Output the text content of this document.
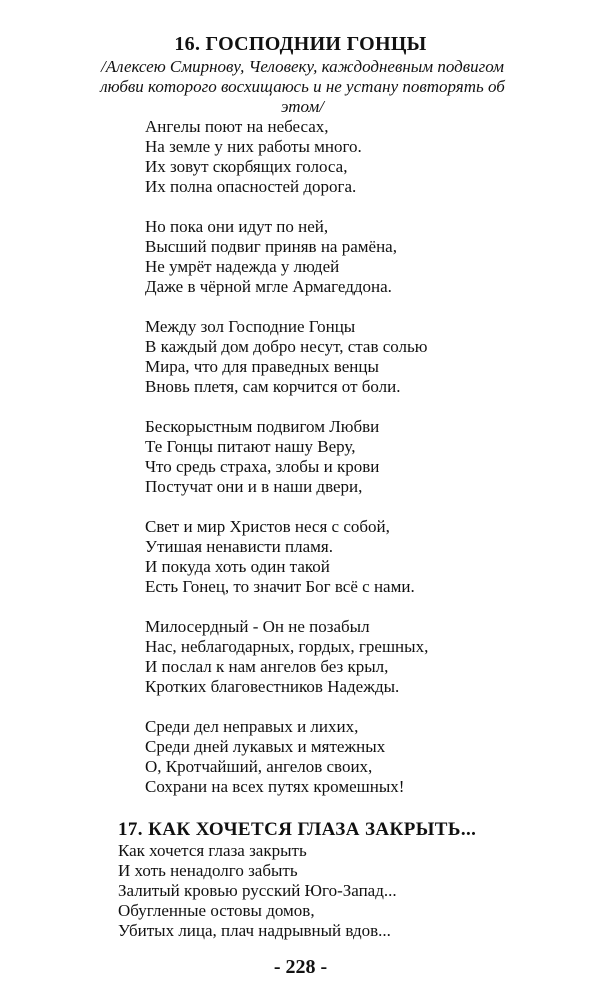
16. ГОСПОДНИИ ГОНЦЫ
/Алексею Смирнову, Человеку, каждодневным подвигом
любви которого восхищаюсь и не устану повторять об
этом/
Ангелы поют на небесах,
На земле у них работы много.
Их зовут скорбящих голоса,
Их полна опасностей дорога.
Но пока они идут по ней,
Высший подвиг приняв на рамёна,
Не умрёт надежда у людей
Даже в чёрной мгле Армагеддона.
Между зол Господние Гонцы
В каждый дом добро несут, став солью
Мира, что для праведных венцы
Вновь плетя, сам корчится от боли.
Бескорыстным подвигом Любви
Те Гонцы питают нашу Веру,
Что средь страха, злобы и крови
Постучат они и в наши двери,
Свет и мир Христов неся с собой,
Утишая ненависти пламя.
И покуда хоть один такой
Есть Гонец, то значит Бог всё с нами.
Милосердный - Он не позабыл
Нас, неблагодарных, гордых, грешных,
И послал к нам ангелов без крыл,
Кротких благовестников Надежды.
Среди дел неправых и лихих,
Среди дней лукавых и мятежных
О, Кротчайший, ангелов своих,
Сохрани на всех путях кромешных!
17. КАК ХОЧЕТСЯ ГЛАЗА ЗАКРЫТЬ...
Как хочется глаза закрыть
И хоть ненадолго забыть
Залитый кровью русский Юго-Запад...
Обугленные остовы домов,
Убитых лица, плач надрывный вдов...
- 228 -
